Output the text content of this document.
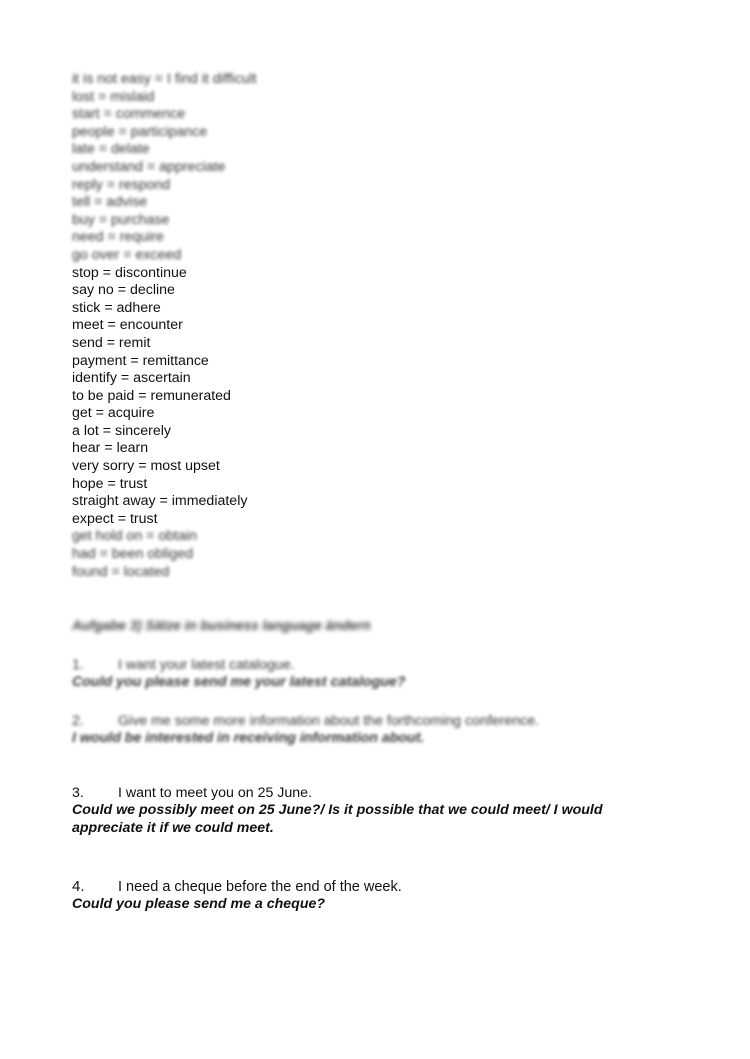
it is not easy = I find it difficult
lost = mislaid
start = commence
people = participance
late = delate
understand = appreciate
reply = respond
tell = advise
buy = purchase
need = require
go over = exceed
stop = discontinue
say no = decline
stick = adhere
meet = encounter
send = remit
payment = remittance
identify = ascertain
to be paid = remunerated
get = acquire
a lot = sincerely
hear = learn
very sorry = most upset
hope = trust
straight away = immediately
expect = trust
get hold on = obtain
had = been obliged
found = located
Aufgabe 3) Sätze in business language ändern
1. I want your latest catalogue.
Could you please send me your latest catalogue?
2. Give me some more information about the forthcoming conference.
I would be interested in receiving information about.
3. I want to meet you on 25 June.
Could we possibly meet on 25 June?/ Is it possible that we could meet/ I would appreciate it if we could meet.
4. I need a cheque before the end of the week.
Could you please send me a cheque?
